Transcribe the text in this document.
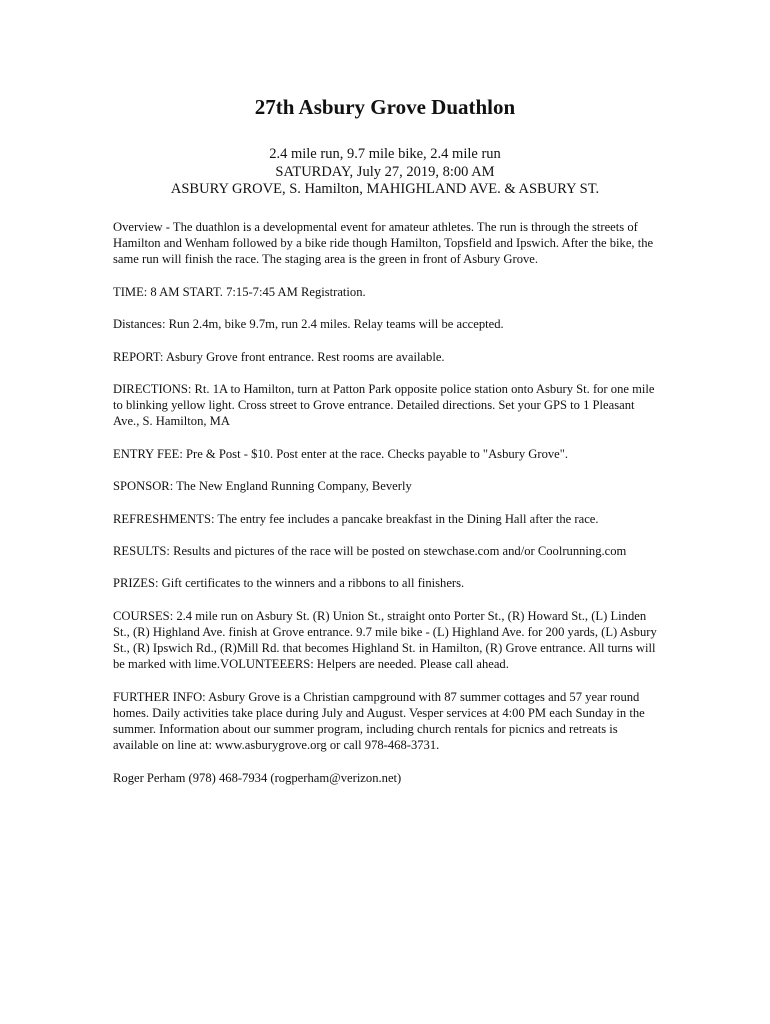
27th Asbury Grove Duathlon
2.4 mile run, 9.7 mile bike, 2.4 mile run
SATURDAY, July 27, 2019, 8:00 AM
ASBURY GROVE, S. Hamilton, MAHIGHLAND AVE. & ASBURY ST.

Overview - The duathlon is a developmental event for amateur athletes. The run is through the streets of Hamilton and Wenham followed by a bike ride though Hamilton, Topsfield and Ipswich. After the bike, the same run will finish the race. The staging area is the green in front of Asbury Grove.

TIME: 8 AM START. 7:15-7:45 AM Registration.

Distances: Run 2.4m, bike 9.7m, run 2.4 miles. Relay teams will be accepted.

REPORT: Asbury Grove front entrance. Rest rooms are available.

DIRECTIONS: Rt. 1A to Hamilton, turn at Patton Park opposite police station onto Asbury St. for one mile to blinking yellow light. Cross street to Grove entrance. Detailed directions. Set your GPS to 1 Pleasant Ave., S. Hamilton, MA

ENTRY FEE: Pre & Post - $10. Post enter at the race. Checks payable to "Asbury Grove".

SPONSOR: The New England Running Company, Beverly

REFRESHMENTS: The entry fee includes a pancake breakfast in the Dining Hall after the race.

RESULTS: Results and pictures of the race will be posted on stewchase.com and/or Coolrunning.com

PRIZES: Gift certificates to the winners and a ribbons to all finishers.

COURSES: 2.4 mile run on Asbury St. (R) Union St., straight onto Porter St., (R) Howard St., (L) Linden St., (R) Highland Ave. finish at Grove entrance. 9.7 mile bike - (L) Highland Ave. for 200 yards, (L) Asbury St., (R) Ipswich Rd., (R)Mill Rd. that becomes Highland St. in Hamilton, (R) Grove entrance. All turns will be marked with lime.VOLUNTEEERS: Helpers are needed. Please call ahead.

FURTHER INFO: Asbury Grove is a Christian campground with 87 summer cottages and 57 year round homes. Daily activities take place during July and August. Vesper services at 4:00 PM each Sunday in the summer. Information about our summer program, including church rentals for picnics and retreats is available on line at: www.asburygrove.org or call 978-468-3731.

Roger Perham (978) 468-7934 (rogperham@verizon.net)
